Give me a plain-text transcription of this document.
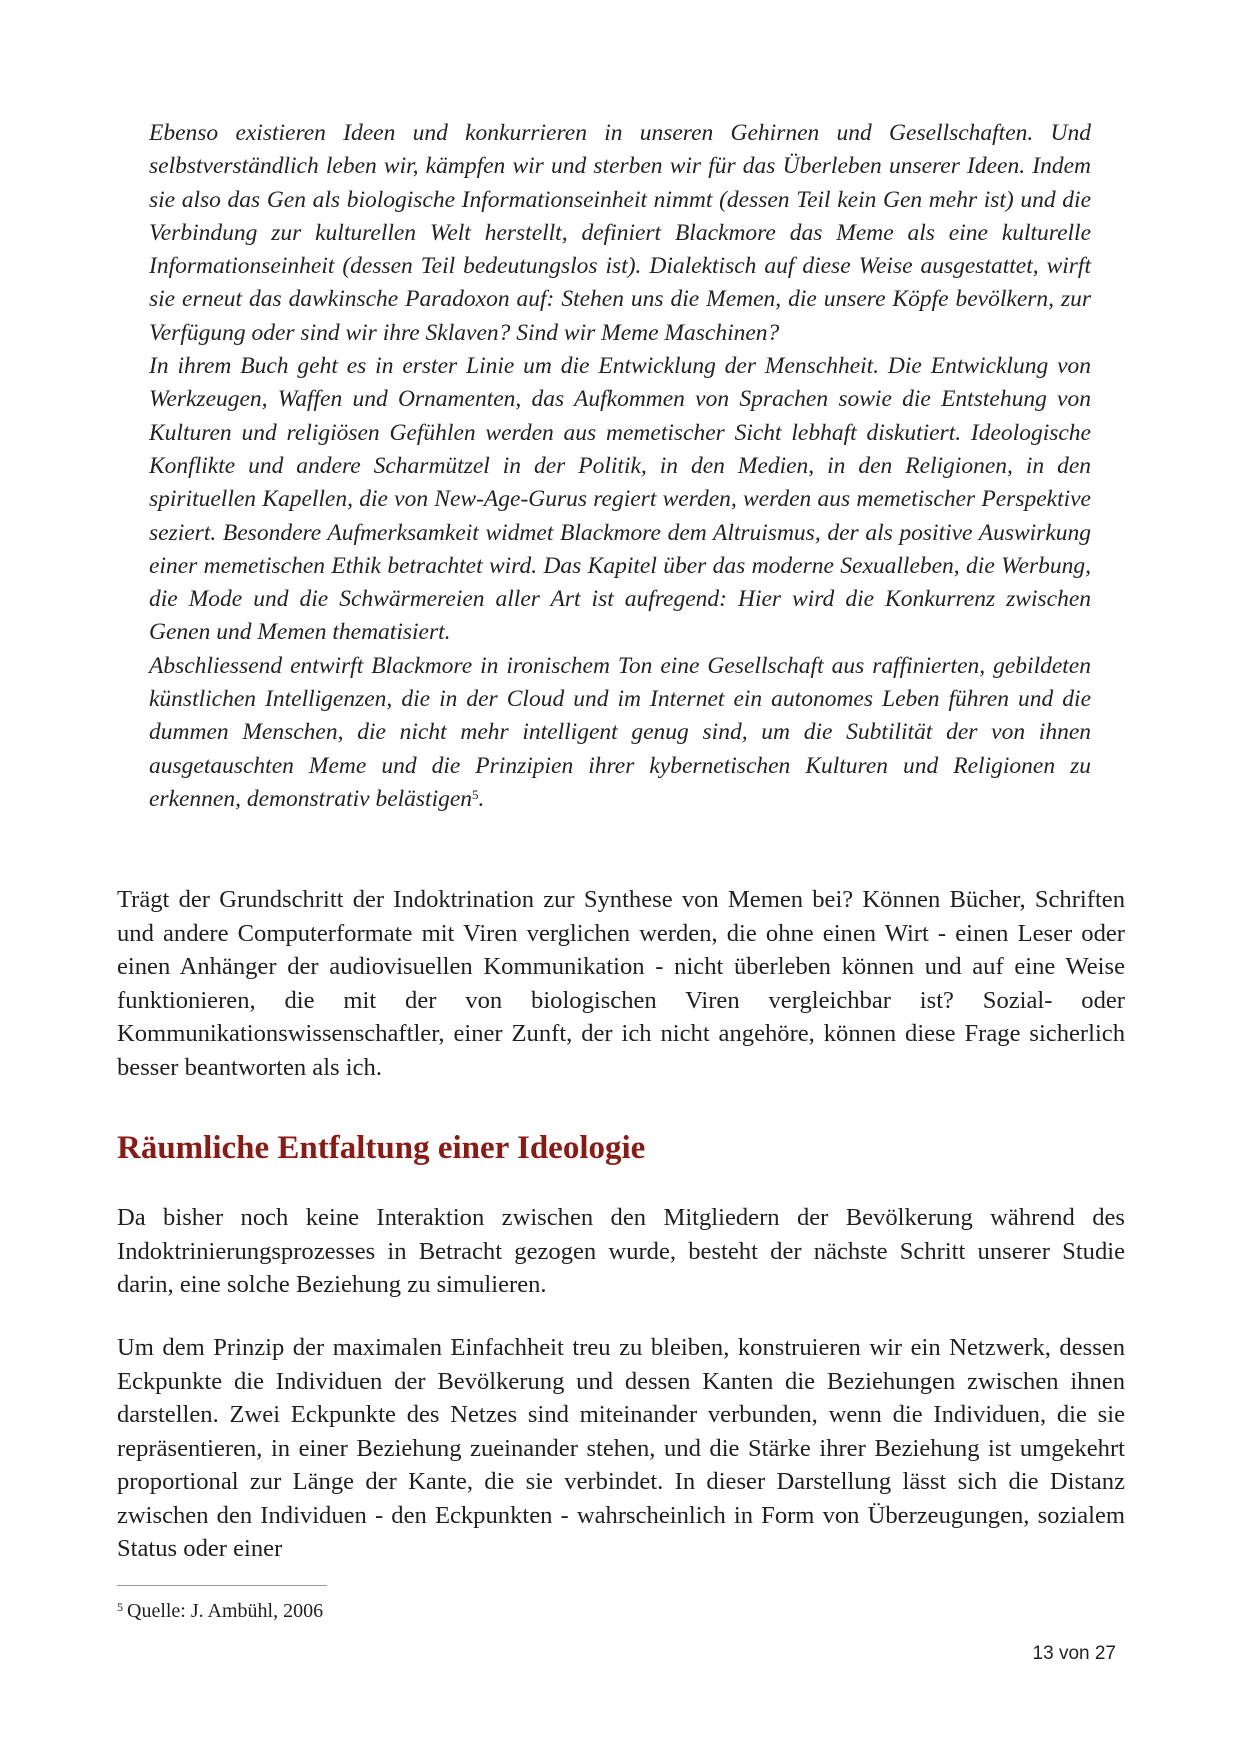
Ebenso existieren Ideen und konkurrieren in unseren Gehirnen und Gesellschaften. Und selbstverständlich leben wir, kämpfen wir und sterben wir für das Überleben unserer Ideen. Indem sie also das Gen als biologische Informationseinheit nimmt (dessen Teil kein Gen mehr ist) und die Verbindung zur kulturellen Welt herstellt, definiert Blackmore das Meme als eine kulturelle Informationseinheit (dessen Teil bedeutungslos ist). Dialektisch auf diese Weise ausgestattet, wirft sie erneut das dawkinsche Paradoxon auf: Stehen uns die Memen, die unsere Köpfe bevölkern, zur Verfügung oder sind wir ihre Sklaven? Sind wir Meme Maschinen?

In ihrem Buch geht es in erster Linie um die Entwicklung der Menschheit. Die Entwicklung von Werkzeugen, Waffen und Ornamenten, das Aufkommen von Sprachen sowie die Entstehung von Kulturen und religiösen Gefühlen werden aus memetischer Sicht lebhaft diskutiert. Ideologische Konflikte und andere Scharmützel in der Politik, in den Medien, in den Religionen, in den spirituellen Kapellen, die von New-Age-Gurus regiert werden, werden aus memetischer Perspektive seziert. Besondere Aufmerksamkeit widmet Blackmore dem Altruismus, der als positive Auswirkung einer memetischen Ethik betrachtet wird. Das Kapitel über das moderne Sexualleben, die Werbung, die Mode und die Schwärmereien aller Art ist aufregend: Hier wird die Konkurrenz zwischen Genen und Memen thematisiert.

Abschliessend entwirft Blackmore in ironischem Ton eine Gesellschaft aus raffinierten, gebildeten künstlichen Intelligenzen, die in der Cloud und im Internet ein autonomes Leben führen und die dummen Menschen, die nicht mehr intelligent genug sind, um die Subtilität der von ihnen ausgetauschten Meme und die Prinzipien ihrer kybernetischen Kulturen und Religionen zu erkennen, demonstrativ belästigen$^5$.

Trägt der Grundschritt der Indoktrination zur Synthese von Memen bei? Können Bücher, Schriften und andere Computerformate mit Viren verglichen werden, die ohne einen Wirt - einen Leser oder einen Anhänger der audiovisuellen Kommunikation - nicht überleben können und auf eine Weise funktionieren, die mit der von biologischen Viren vergleichbar ist? Sozial- oder Kommunikationswissenschaftler, einer Zunft, der ich nicht angehöre, können diese Frage sicherlich besser beantworten als ich.

Räumliche Entfaltung einer Ideologie

Da bisher noch keine Interaktion zwischen den Mitgliedern der Bevölkerung während des Indoktrinierungsprozesses in Betracht gezogen wurde, besteht der nächste Schritt unserer Studie darin, eine solche Beziehung zu simulieren.

Um dem Prinzip der maximalen Einfachheit treu zu bleiben, konstruieren wir ein Netzwerk, dessen Eckpunkte die Individuen der Bevölkerung und dessen Kanten die Beziehungen zwischen ihnen darstellen. Zwei Eckpunkte des Netzes sind miteinander verbunden, wenn die Individuen, die sie repräsentieren, in einer Beziehung zueinander stehen, und die Stärke ihrer Beziehung ist umgekehrt proportional zur Länge der Kante, die sie verbindet. In dieser Darstellung lässt sich die Distanz zwischen den Individuen - den Eckpunkten - wahrscheinlich in Form von Überzeugungen, sozialem Status oder einer

$^5$ Quelle: J. Ambühl, 2006
13 von 27
